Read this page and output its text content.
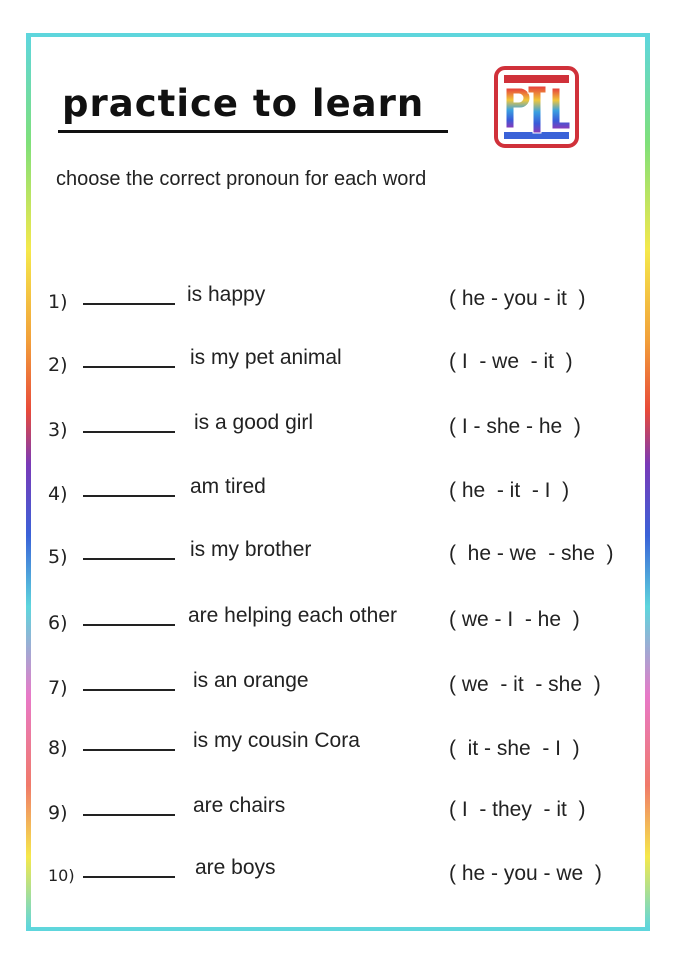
practice to learn
choose the correct pronoun for each word
1)	is happy	( he - you - it  )
2)	is my pet animal	( I  - we  - it  )
3)	is a good girl	( I - she - he  )
4)	am tired	( he  - it  - I  )
5)	is my brother	(  he - we  - she  )
6)	are helping each other ( we - I  - he  )
7)	is an orange	( we  - it  - she  )
8)	is my cousin Cora	(  it - she  - I  )
9)	are chairs	( I  - they  - it  )
10)	are boys	( he - you - we  )
